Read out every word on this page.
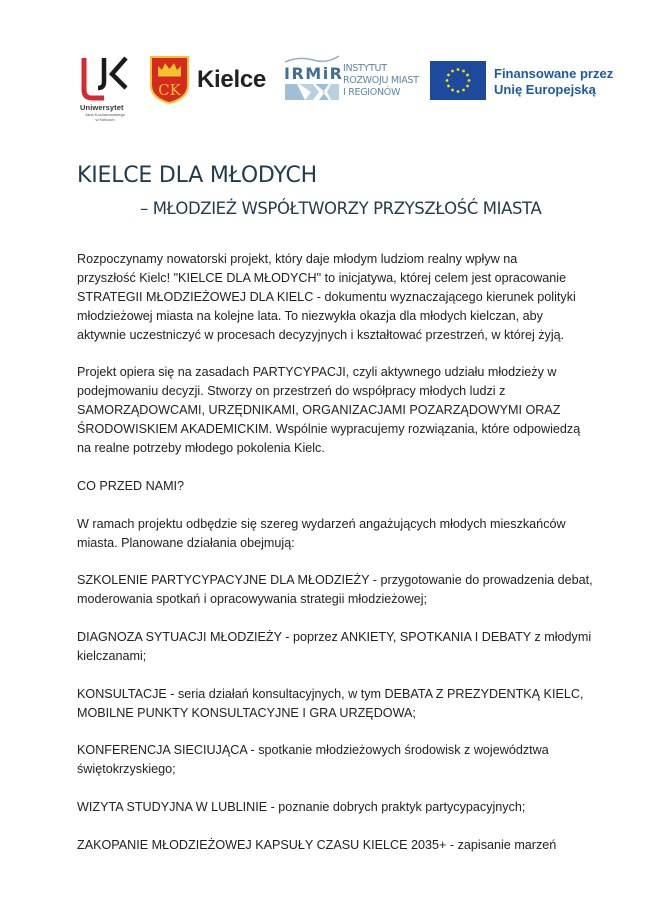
Uniwersytet
Jana Kochanowskiego
w Kielcach
CK Kielce IRMiR INSTYTUT
ROZWOJU MIAST
I REGIONÓW
Finansowane przez
Unię Europejską
KIELCE DLA MŁODYCH
– MŁODZIEŻ WSPÓŁTWORZY PRZYSZŁOŚĆ MIASTA

Rozpoczynamy nowatorski projekt, który daje młodym ludziom realny wpływ na
przyszłość Kielc! "KIELCE DLA MŁODYCH" to inicjatywa, której celem jest opracowanie
STRATEGII MŁODZIEŻOWEJ DLA KIELC - dokumentu wyznaczającego kierunek polityki
młodzieżowej miasta na kolejne lata. To niezwykła okazja dla młodych kielczan, aby
aktywnie uczestniczyć w procesach decyzyjnych i kształtować przestrzeń, w której żyją.

Projekt opiera się na zasadach PARTYCYPACJI, czyli aktywnego udziału młodzieży w
podejmowaniu decyzji. Stworzy on przestrzeń do współpracy młodych ludzi z
SAMORZĄDOWCAMI, URZĘDNIKAMI, ORGANIZACJAMI POZARZĄDOWYMI ORAZ
ŚRODOWISKIEM AKADEMICKIM. Wspólnie wypracujemy rozwiązania, które odpowiedzą
na realne potrzeby młodego pokolenia Kielc.

CO PRZED NAMI?

W ramach projektu odbędzie się szereg wydarzeń angażujących młodych mieszkańców
miasta. Planowane działania obejmują:

SZKOLENIE PARTYCYPACYJNE DLA MŁODZIEŻY - przygotowanie do prowadzenia debat,
moderowania spotkań i opracowywania strategii młodzieżowej;

DIAGNOZA SYTUACJI MŁODZIEŻY - poprzez ANKIETY, SPOTKANIA I DEBATY z młodymi
kielczanami;

KONSULTACJE - seria działań konsultacyjnych, w tym DEBATA Z PREZYDENTKĄ KIELC,
MOBILNE PUNKTY KONSULTACYJNE I GRA URZĘDOWA;

KONFERENCJA SIECIUJĄCA - spotkanie młodzieżowych środowisk z województwa
świętokrzyskiego;

WIZYTA STUDYJNA W LUBLINIE - poznanie dobrych praktyk partycypacyjnych;

ZAKOPANIE MŁODZIEŻOWEJ KAPSUŁY CZASU KIELCE 2035+ - zapisanie marzeń
